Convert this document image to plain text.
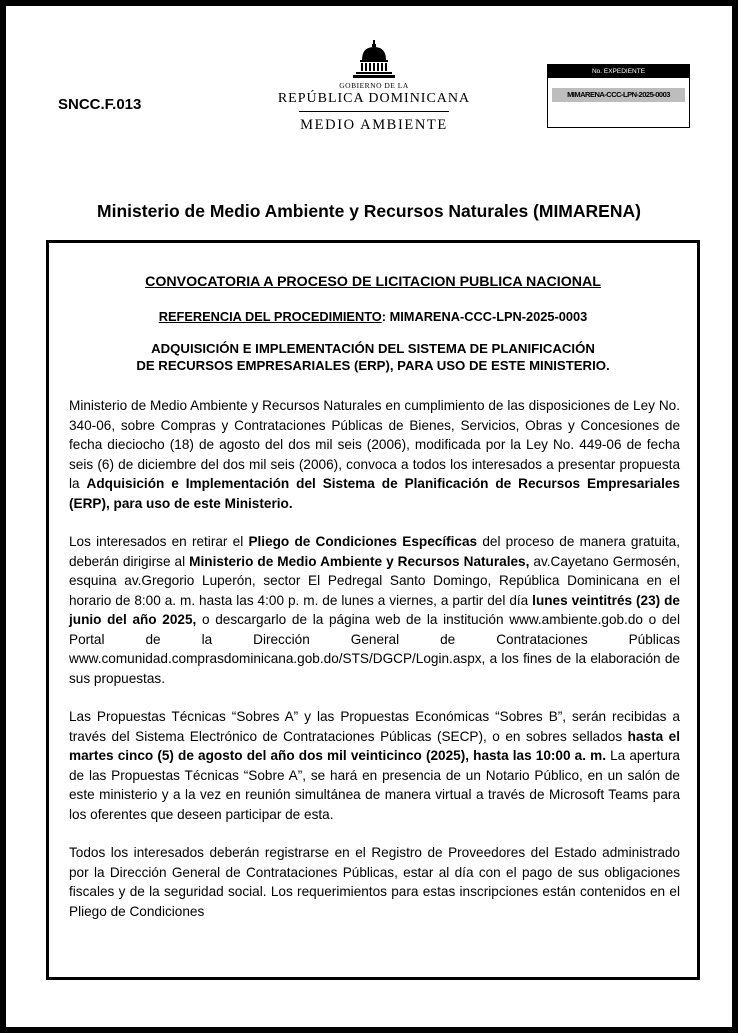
SNCC.F.013
GOBIERNO DE LA
REPÚBLICA DOMINICANA
MEDIO AMBIENTE
No. EXPEDIENTE
MIMARENA-CCC-LPN-2025-0003
Ministerio de Medio Ambiente y Recursos Naturales (MIMARENA)
CONVOCATORIA A PROCESO DE LICITACION PUBLICA NACIONAL
REFERENCIA DEL PROCEDIMIENTO: MIMARENA-CCC-LPN-2025-0003
ADQUISICIÓN E IMPLEMENTACIÓN DEL SISTEMA DE PLANIFICACIÓN
DE RECURSOS EMPRESARIALES (ERP), PARA USO DE ESTE MINISTERIO.

Ministerio de Medio Ambiente y Recursos Naturales en cumplimiento de las disposiciones de Ley No. 340-06, sobre Compras y Contrataciones Públicas de Bienes, Servicios, Obras y Concesiones de fecha dieciocho (18) de agosto del dos mil seis (2006), modificada por la Ley No. 449-06 de fecha seis (6) de diciembre del dos mil seis (2006), convoca a todos los interesados a presentar propuesta la Adquisición e Implementación del Sistema de Planificación de Recursos Empresariales (ERP), para uso de este Ministerio.

Los interesados en retirar el Pliego de Condiciones Específicas del proceso de manera gratuita, deberán dirigirse al Ministerio de Medio Ambiente y Recursos Naturales, av.Cayetano Germosén, esquina av.Gregorio Luperón, sector El Pedregal Santo Domingo, República Dominicana en el horario de 8:00 a. m. hasta las 4:00 p. m. de lunes a viernes, a partir del día lunes veintitrés (23) de junio del año 2025, o descargarlo de la página web de la institución www.ambiente.gob.do o del Portal de la Dirección General de Contrataciones Públicas www.comunidad.comprasdominicana.gob.do/STS/DGCP/Login.aspx, a los fines de la elaboración de sus propuestas.

Las Propuestas Técnicas “Sobres A” y las Propuestas Económicas “Sobres B”, serán recibidas a través del Sistema Electrónico de Contrataciones Públicas (SECP), o en sobres sellados hasta el martes cinco (5) de agosto del año dos mil veinticinco (2025), hasta las 10:00 a. m. La apertura de las Propuestas Técnicas “Sobre A”, se hará en presencia de un Notario Público, en un salón de este ministerio y a la vez en reunión simultánea de manera virtual a través de Microsoft Teams para los oferentes que deseen participar de esta.

Todos los interesados deberán registrarse en el Registro de Proveedores del Estado administrado por la Dirección General de Contrataciones Públicas, estar al día con el pago de sus obligaciones fiscales y de la seguridad social. Los requerimientos para estas inscripciones están contenidos en el Pliego de Condiciones
